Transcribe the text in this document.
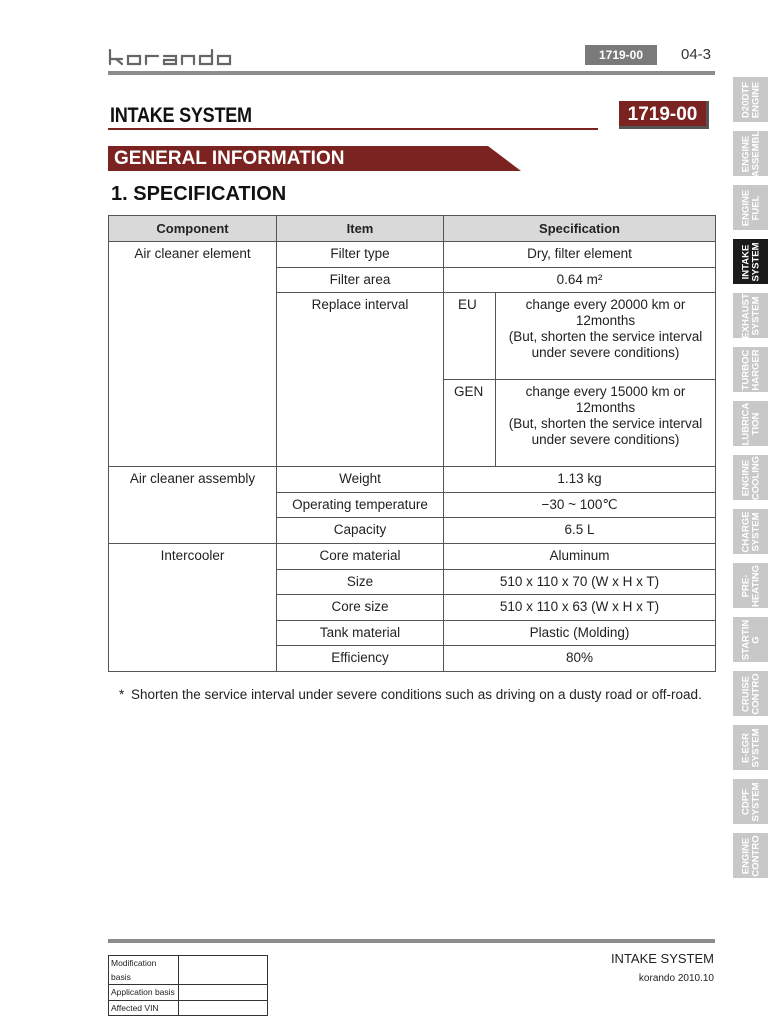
1719-00	04-3
INTAKE SYSTEM	1719-00
GENERAL INFORMATION
1. SPECIFICATION
Component	Item	Specification	
Air cleaner element	Filter type	Dry, filter element	
	Filter area	0.64 m²	
	Replace interval	EU	change every 20000 km or 12months
(But, shorten the service interval under severe conditions)
		GEN	change every 15000 km or 12months
(But, shorten the service interval under severe conditions)
Air cleaner assembly	Weight	1.13 kg	
	Operating temperature	−30 ~ 100℃	
	Capacity	6.5 L	
Intercooler	Core material	Aluminum	
	Size	510 x 110 x 70 (W x H x T)	
	Core size	510 x 110 x 63 (W x H x T)	
	Tank material	Plastic (Molding)	
	Efficiency	80%	
* Shorten the service interval under severe conditions such as driving on a dusty road or off-road.
D20DTF
ENGINE
ENGINE
ASSEMBL
ENGINE
FUEL
INTAKE
SYSTEM
EXHAUST
SYSTEM
TURBOC
HARGER
LUBRICA
TION
ENGINE
COOLING
CHARGE
SYSTEM
PRE-
HEATING
STARTIN
G
CRUISE
CONTRO
E-EGR
SYSTEM
CDPF
SYSTEM
ENGINE
CONTRO
INTAKE SYSTEM
korando 2010.10
Modification basis	
Application basis	
Affected VIN	
